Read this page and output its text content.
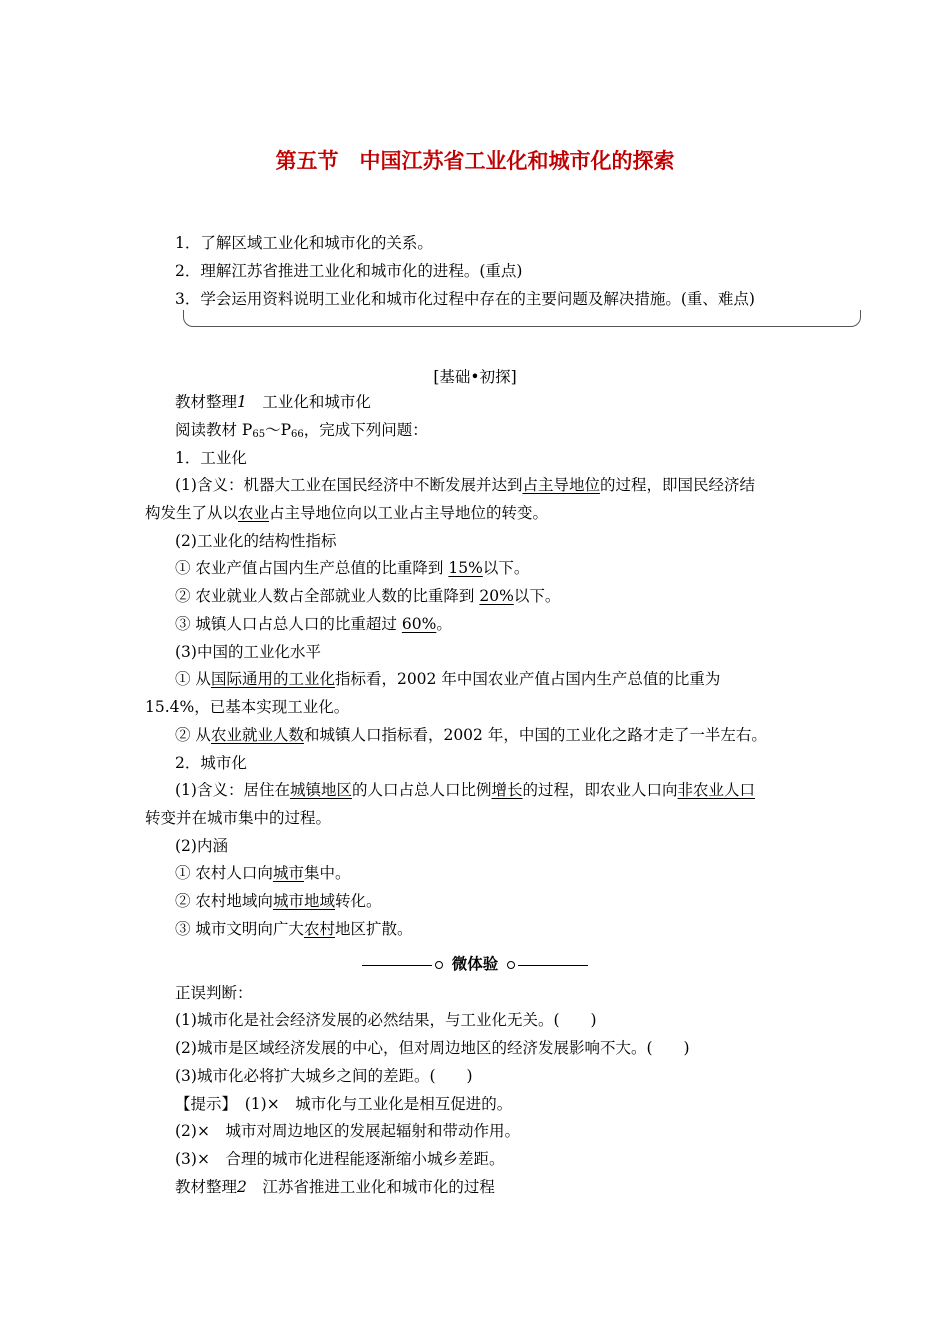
第五节　中国江苏省工业化和城市化的探索
1．了解区域工业化和城市化的关系。
2．理解江苏省推进工业化和城市化的进程。(重点)
3．学会运用资料说明工业化和城市化过程中存在的主要问题及解决措施。(重、难点)
[基础•初探]
教材整理1　工业化和城市化
阅读教材 $P_{65}\sim P_{66}$，完成下列问题：
1．工业化
(1)含义：机器大工业在国民经济中不断发展并达到占主导地位的过程，即国民经济结
构发生了从以农业占主导地位向以工业占主导地位的转变。
(2)工业化的结构性指标
① 农业产值占国内生产总值的比重降到 15%以下。
② 农业就业人数占全部就业人数的比重降到 20%以下。
③ 城镇人口占总人口的比重超过 60%。
(3)中国的工业化水平
① 从国际通用的工业化指标看，2002 年中国农业产值占国内生产总值的比重为
15.4%，已基本实现工业化。
② 从农业就业人数和城镇人口指标看，2002 年，中国的工业化之路才走了一半左右。
2．城市化
(1)含义：居住在城镇地区的人口占总人口比例增长的过程，即农业人口向非农业人口
转变并在城市集中的过程。
(2)内涵
① 农村人口向城市集中。
② 农村地域向城市地域转化。
③ 城市文明向广大农村地区扩散。
微体验
正误判断：
(1)城市化是社会经济发展的必然结果，与工业化无关。(　　)
(2)城市是区域经济发展的中心，但对周边地区的经济发展影响不大。(　　)
(3)城市化必将扩大城乡之间的差距。(　　)
【提示】　(1)×　城市化与工业化是相互促进的。
(2)×　城市对周边地区的发展起辐射和带动作用。
(3)×　合理的城市化进程能逐渐缩小城乡差距。
教材整理2　江苏省推进工业化和城市化的过程
